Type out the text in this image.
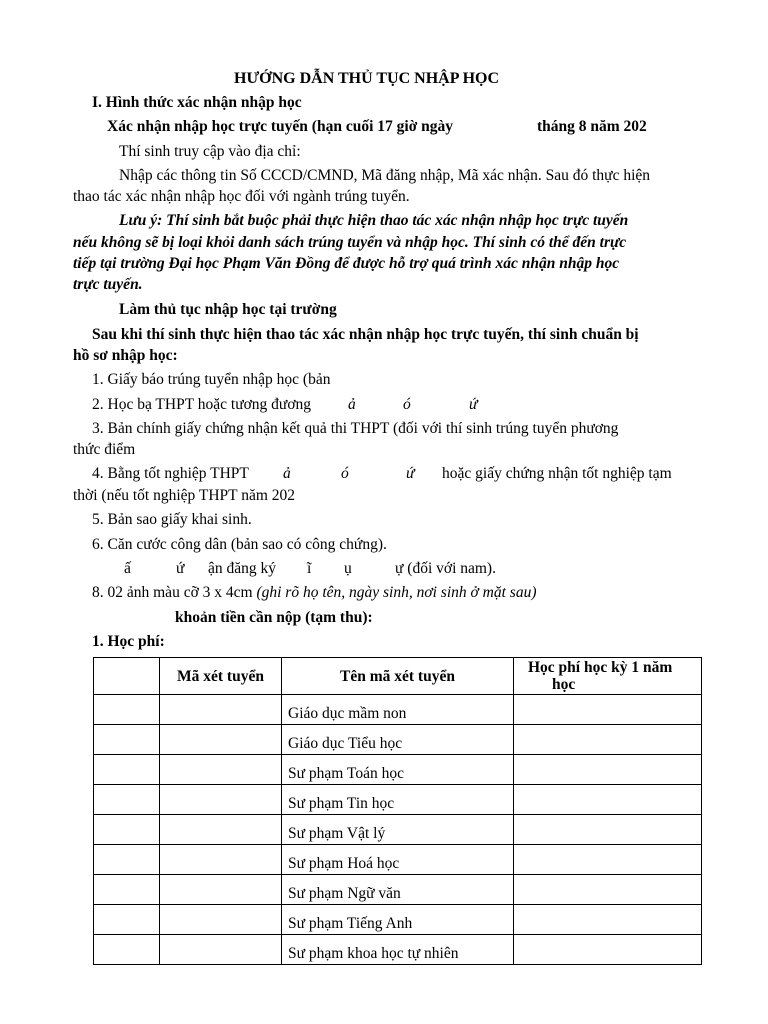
HƯỚNG DẪN THỦ TỤC NHẬP HỌC
I. Hình thức xác nhận nhập học
Xác nhận nhập học trực tuyến (hạn cuối 17 giờ ngày	tháng 8 năm 202
Thí sinh truy cập vào địa chỉ:
Nhập các thông tin Số CCCD/CMND, Mã đăng nhập, Mã xác nhận. Sau đó thực hiện
thao tác xác nhận nhập học đối với ngành trúng tuyển.
Lưu ý: Thí sinh bắt buộc phải thực hiện thao tác xác nhận nhập học trực tuyến
nếu không sẽ bị loại khỏi danh sách trúng tuyển và nhập học. Thí sinh có thể đến trực
tiếp tại trường Đại học Phạm Văn Đồng để được hỗ trợ quá trình xác nhận nhập học
trực tuyến.
Làm thủ tục nhập học tại trường
Sau khi thí sinh thực hiện thao tác xác nhận nhập học trực tuyến, thí sinh chuẩn bị
hồ sơ nhập học:
1. Giấy báo trúng tuyển nhập học (bản
2. Học bạ THPT hoặc tương đương ả	ó	ứ
3. Bản chính giấy chứng nhận kết quả thi THPT (đối với thí sinh trúng tuyển phương
thức điểm
4. Bằng tốt nghiệp THPT ả	ó	ứ hoặc giấy chứng nhận tốt nghiệp tạm
thời (nếu tốt nghiệp THPT năm 202
5. Bản sao giấy khai sinh.
6. Căn cước công dân (bản sao có công chứng).
ấ	ứ ận đăng ký ĩ ụ	ự (đối với nam).
8. 02 ảnh màu cỡ 3 x 4cm (ghi rõ họ tên, ngày sinh, nơi sinh ở mặt sau)
khoản tiền cần nộp (tạm thu):
1. Học phí:
	Mã xét tuyển	Tên mã xét tuyển	Học phí học kỳ 1 năm
học

		Giáo dục mầm non	
		Giáo dục Tiểu học	
		Sư phạm Toán học	
		Sư phạm Tin học	
		Sư phạm Vật lý	
		Sư phạm Hoá học	
		Sư phạm Ngữ văn	
		Sư phạm Tiếng Anh	
		Sư phạm khoa học tự nhiên	
